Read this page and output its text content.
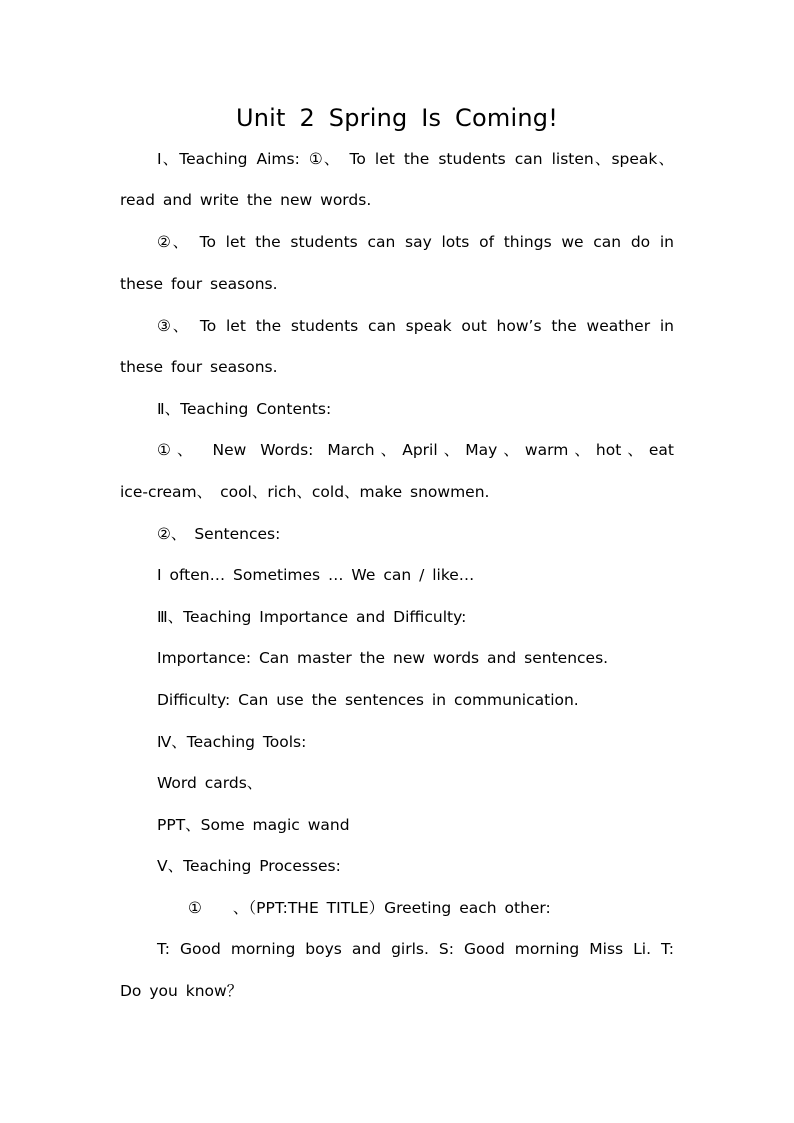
Unit 2 Spring Is Coming!
Ⅰ、Teaching Aims: ①、 To let the students can listen、speak、
read and write the new words.
②、 To let the students can say lots of things we can do in
these four seasons.
③、 To let the students can speak out how’s the weather in
these four seasons.
Ⅱ、Teaching Contents:
①、 New Words: March、April、May、warm、hot、eat
ice-cream、 cool、rich、cold、make snowmen.
②、 Sentences:
I often… Sometimes … We can / like…
Ⅲ、Teaching Importance and Difficulty:
Importance: Can master the new words and sentences.
Difficulty: Can use the sentences in communication.
Ⅳ、Teaching Tools:
Word cards、
PPT、Some magic wand
Ⅴ、Teaching Processes:
①　　、（PPT:THE TITLE）Greeting each other:
T: Good morning boys and girls. S: Good morning Miss Li. T:
Do you know？
